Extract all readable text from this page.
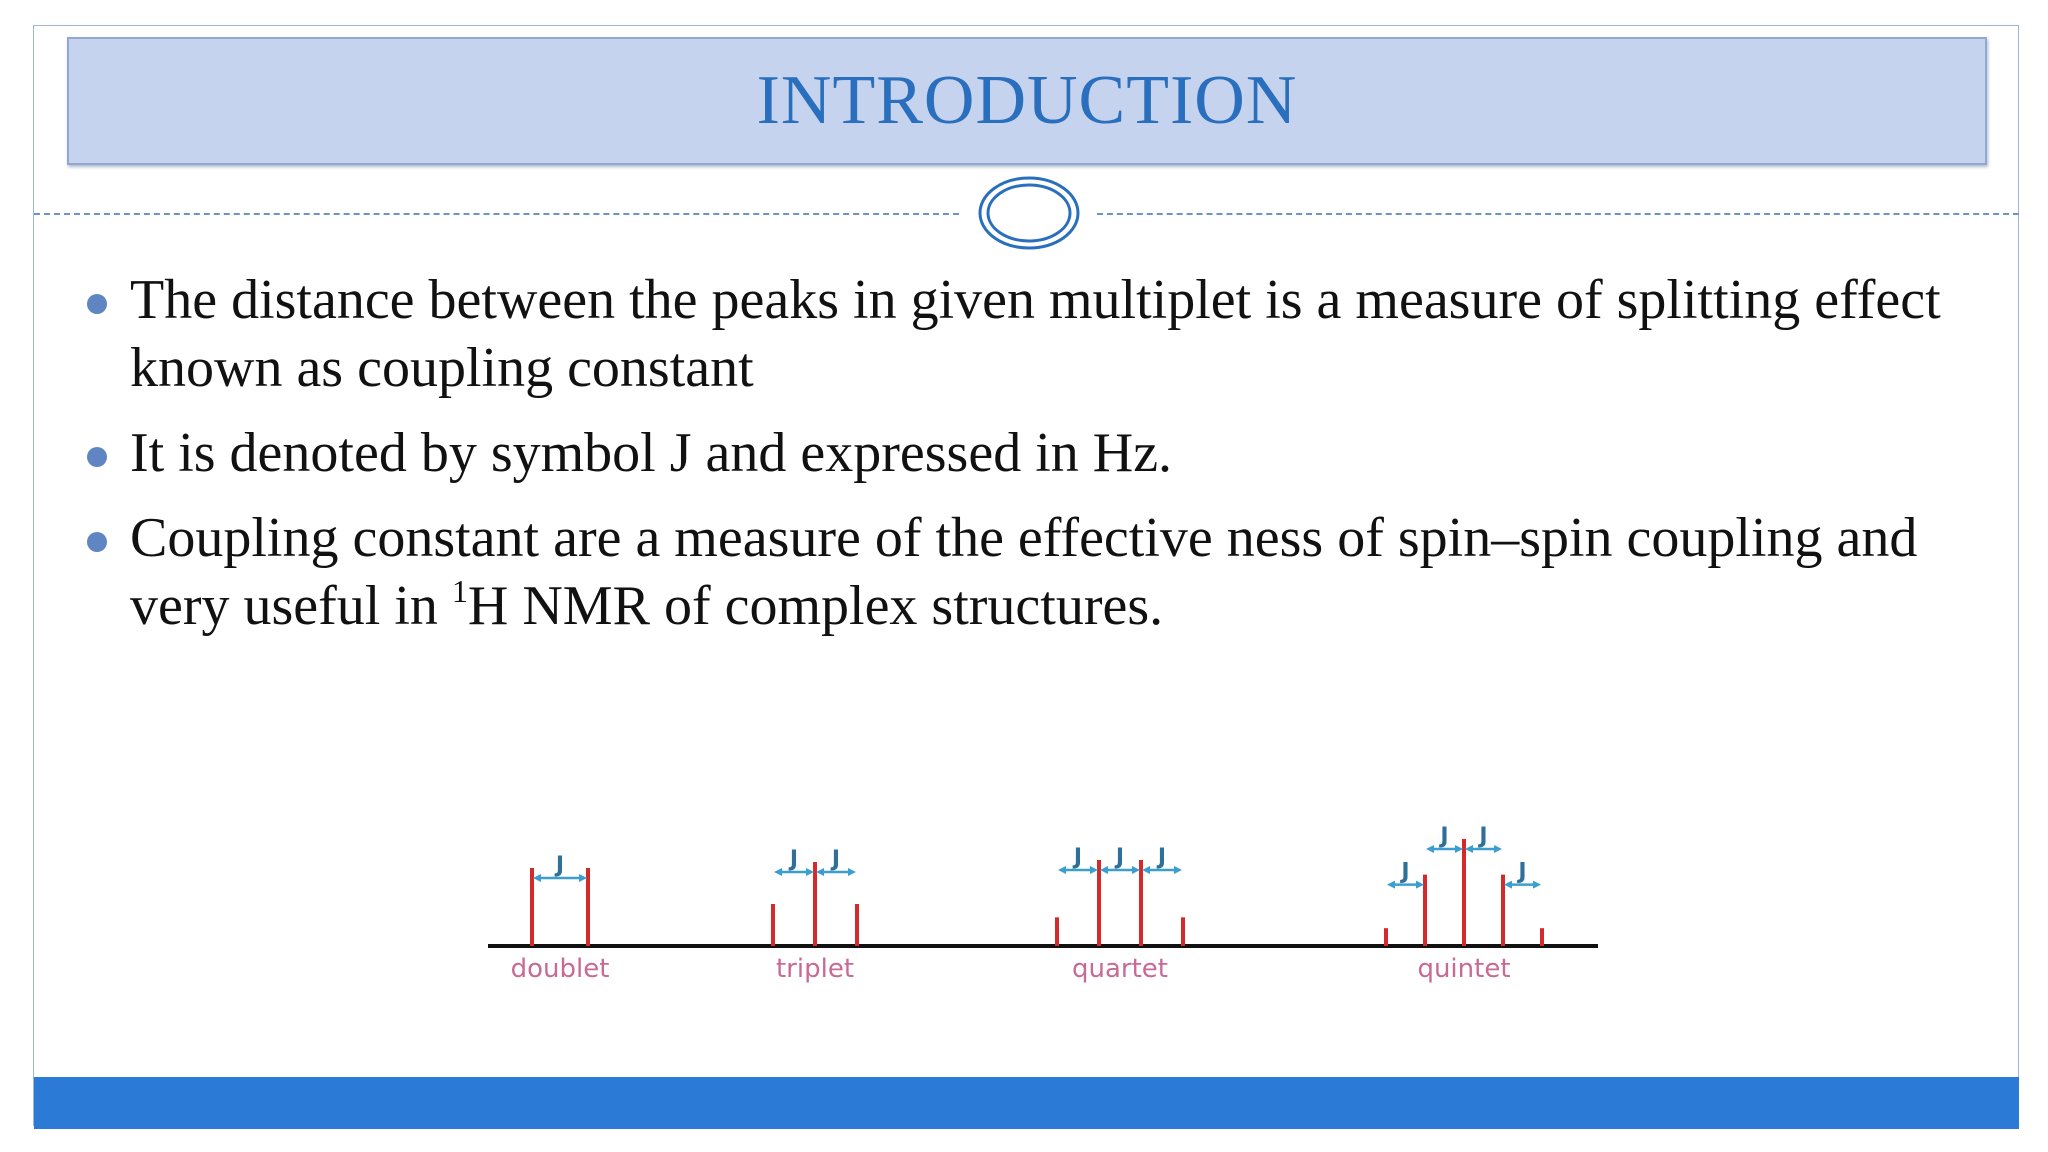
INTRODUCTION
The distance between the peaks in given multiplet is a measure of splitting effect known as coupling constant
It is denoted by symbol J and expressed in Hz.
Coupling constant are a measure of the effective ness of spin–spin coupling and very useful in $^1$H NMR of complex structures.
J
doublet
J J
triplet
J J J
quartet
J
J J
J
quintet
